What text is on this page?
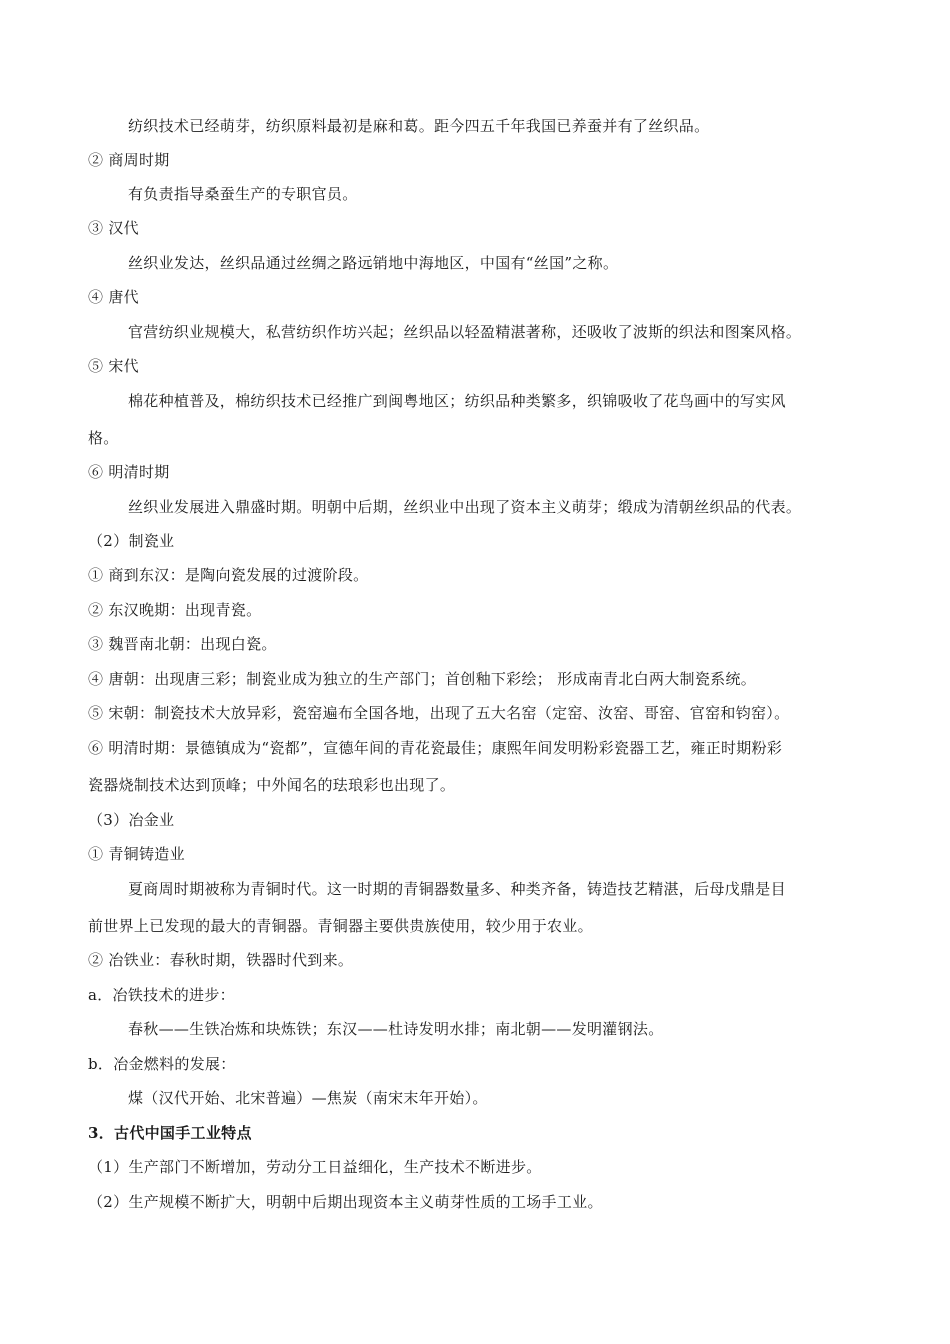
纺织技术已经萌芽，纺织原料最初是麻和葛。距今四五千年我国已养蚕并有了丝织品。
② 商周时期
有负责指导桑蚕生产的专职官员。
③ 汉代
丝织业发达，丝织品通过丝绸之路远销地中海地区，中国有“丝国”之称。
④ 唐代
官营纺织业规模大，私营纺织作坊兴起；丝织品以轻盈精湛著称，还吸收了波斯的织法和图案风格。
⑤ 宋代
棉花种植普及，棉纺织技术已经推广到闽粤地区；纺织品种类繁多，织锦吸收了花鸟画中的写实风
格。
⑥ 明清时期
丝织业发展进入鼎盛时期。明朝中后期，丝织业中出现了资本主义萌芽；缎成为清朝丝织品的代表。
（2）制瓷业
① 商到东汉：是陶向瓷发展的过渡阶段。
② 东汉晚期：出现青瓷。
③ 魏晋南北朝：出现白瓷。
④ 唐朝：出现唐三彩；制瓷业成为独立的生产部门；首创釉下彩绘； 形成南青北白两大制瓷系统。
⑤ 宋朝：制瓷技术大放异彩，瓷窑遍布全国各地，出现了五大名窑（定窑、汝窑、哥窑、官窑和钧窑）。
⑥ 明清时期：景德镇成为“瓷都”，宣德年间的青花瓷最佳；康熙年间发明粉彩瓷器工艺，雍正时期粉彩
瓷器烧制技术达到顶峰；中外闻名的珐琅彩也出现了。
（3）冶金业
① 青铜铸造业
夏商周时期被称为青铜时代。这一时期的青铜器数量多、种类齐备，铸造技艺精湛，后母戊鼎是目
前世界上已发现的最大的青铜器。青铜器主要供贵族使用，较少用于农业。
② 冶铁业：春秋时期，铁器时代到来。
a．冶铁技术的进步：
春秋——生铁冶炼和块炼铁；东汉——杜诗发明水排；南北朝——发明灌钢法。
b．冶金燃料的发展：
煤（汉代开始、北宋普遍）—焦炭（南宋末年开始）。
3．古代中国手工业特点
（1）生产部门不断增加，劳动分工日益细化，生产技术不断进步。
（2）生产规模不断扩大，明朝中后期出现资本主义萌芽性质的工场手工业。
